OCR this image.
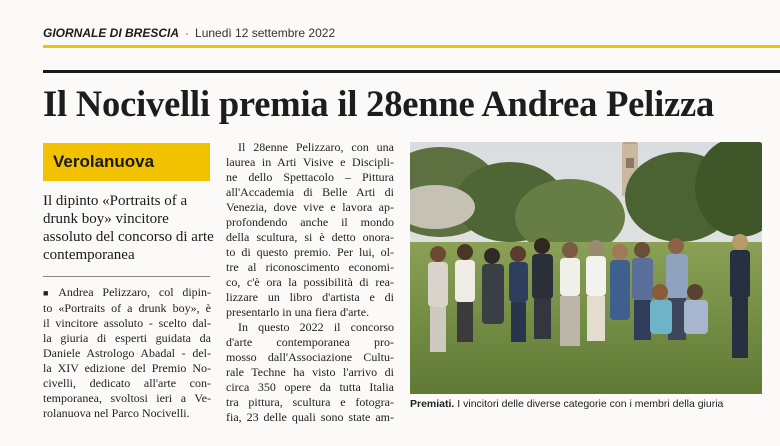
GIORNALE DI BRESCIA · Lunedì 12 settembre 2022
Il Nocivelli premia il 28enne Andrea Pelizza
Verolanuova

Il dipinto «Portraits of a drunk boy» vincitore assoluto del concorso di arte contemporanea

■ Andrea Pelizzaro, col dipin-
to «Portraits of a drunk boy», è
il vincitore assoluto - scelto dal-
la giuria di esperti guidata da
Daniele Astrologo Abadal - del-
la XIV edizione del Premio No-
civelli, dedicato all'arte con-
temporanea, svoltosi ieri a Ve-
rolanuova nel Parco Nocivelli.
Il 28enne Pelizzaro, con una
laurea in Arti Visive e Discipli-
ne dello Spettacolo – Pittura
all'Accademia di Belle Arti di
Venezia, dove vive e lavora ap-
profondendo anche il mondo
della scultura, si è detto onora-
to di questo premio. Per lui, ol-
tre al riconoscimento economi-
co, c'è ora la possibilità di rea-
lizzare un libro d'artista e di
presentarlo in una fiera d'arte.
In questo 2022 il concorso
d'arte contemporanea pro-
mosso dall'Associazione Cultu-
rale Techne ha visto l'arrivo di
circa 350 opere da tutta Italia
tra pittura, scultura e fotogra-
fia, 23 delle quali sono state am-

Premiati. I vincitori delle diverse categorie con i membri della giuria
